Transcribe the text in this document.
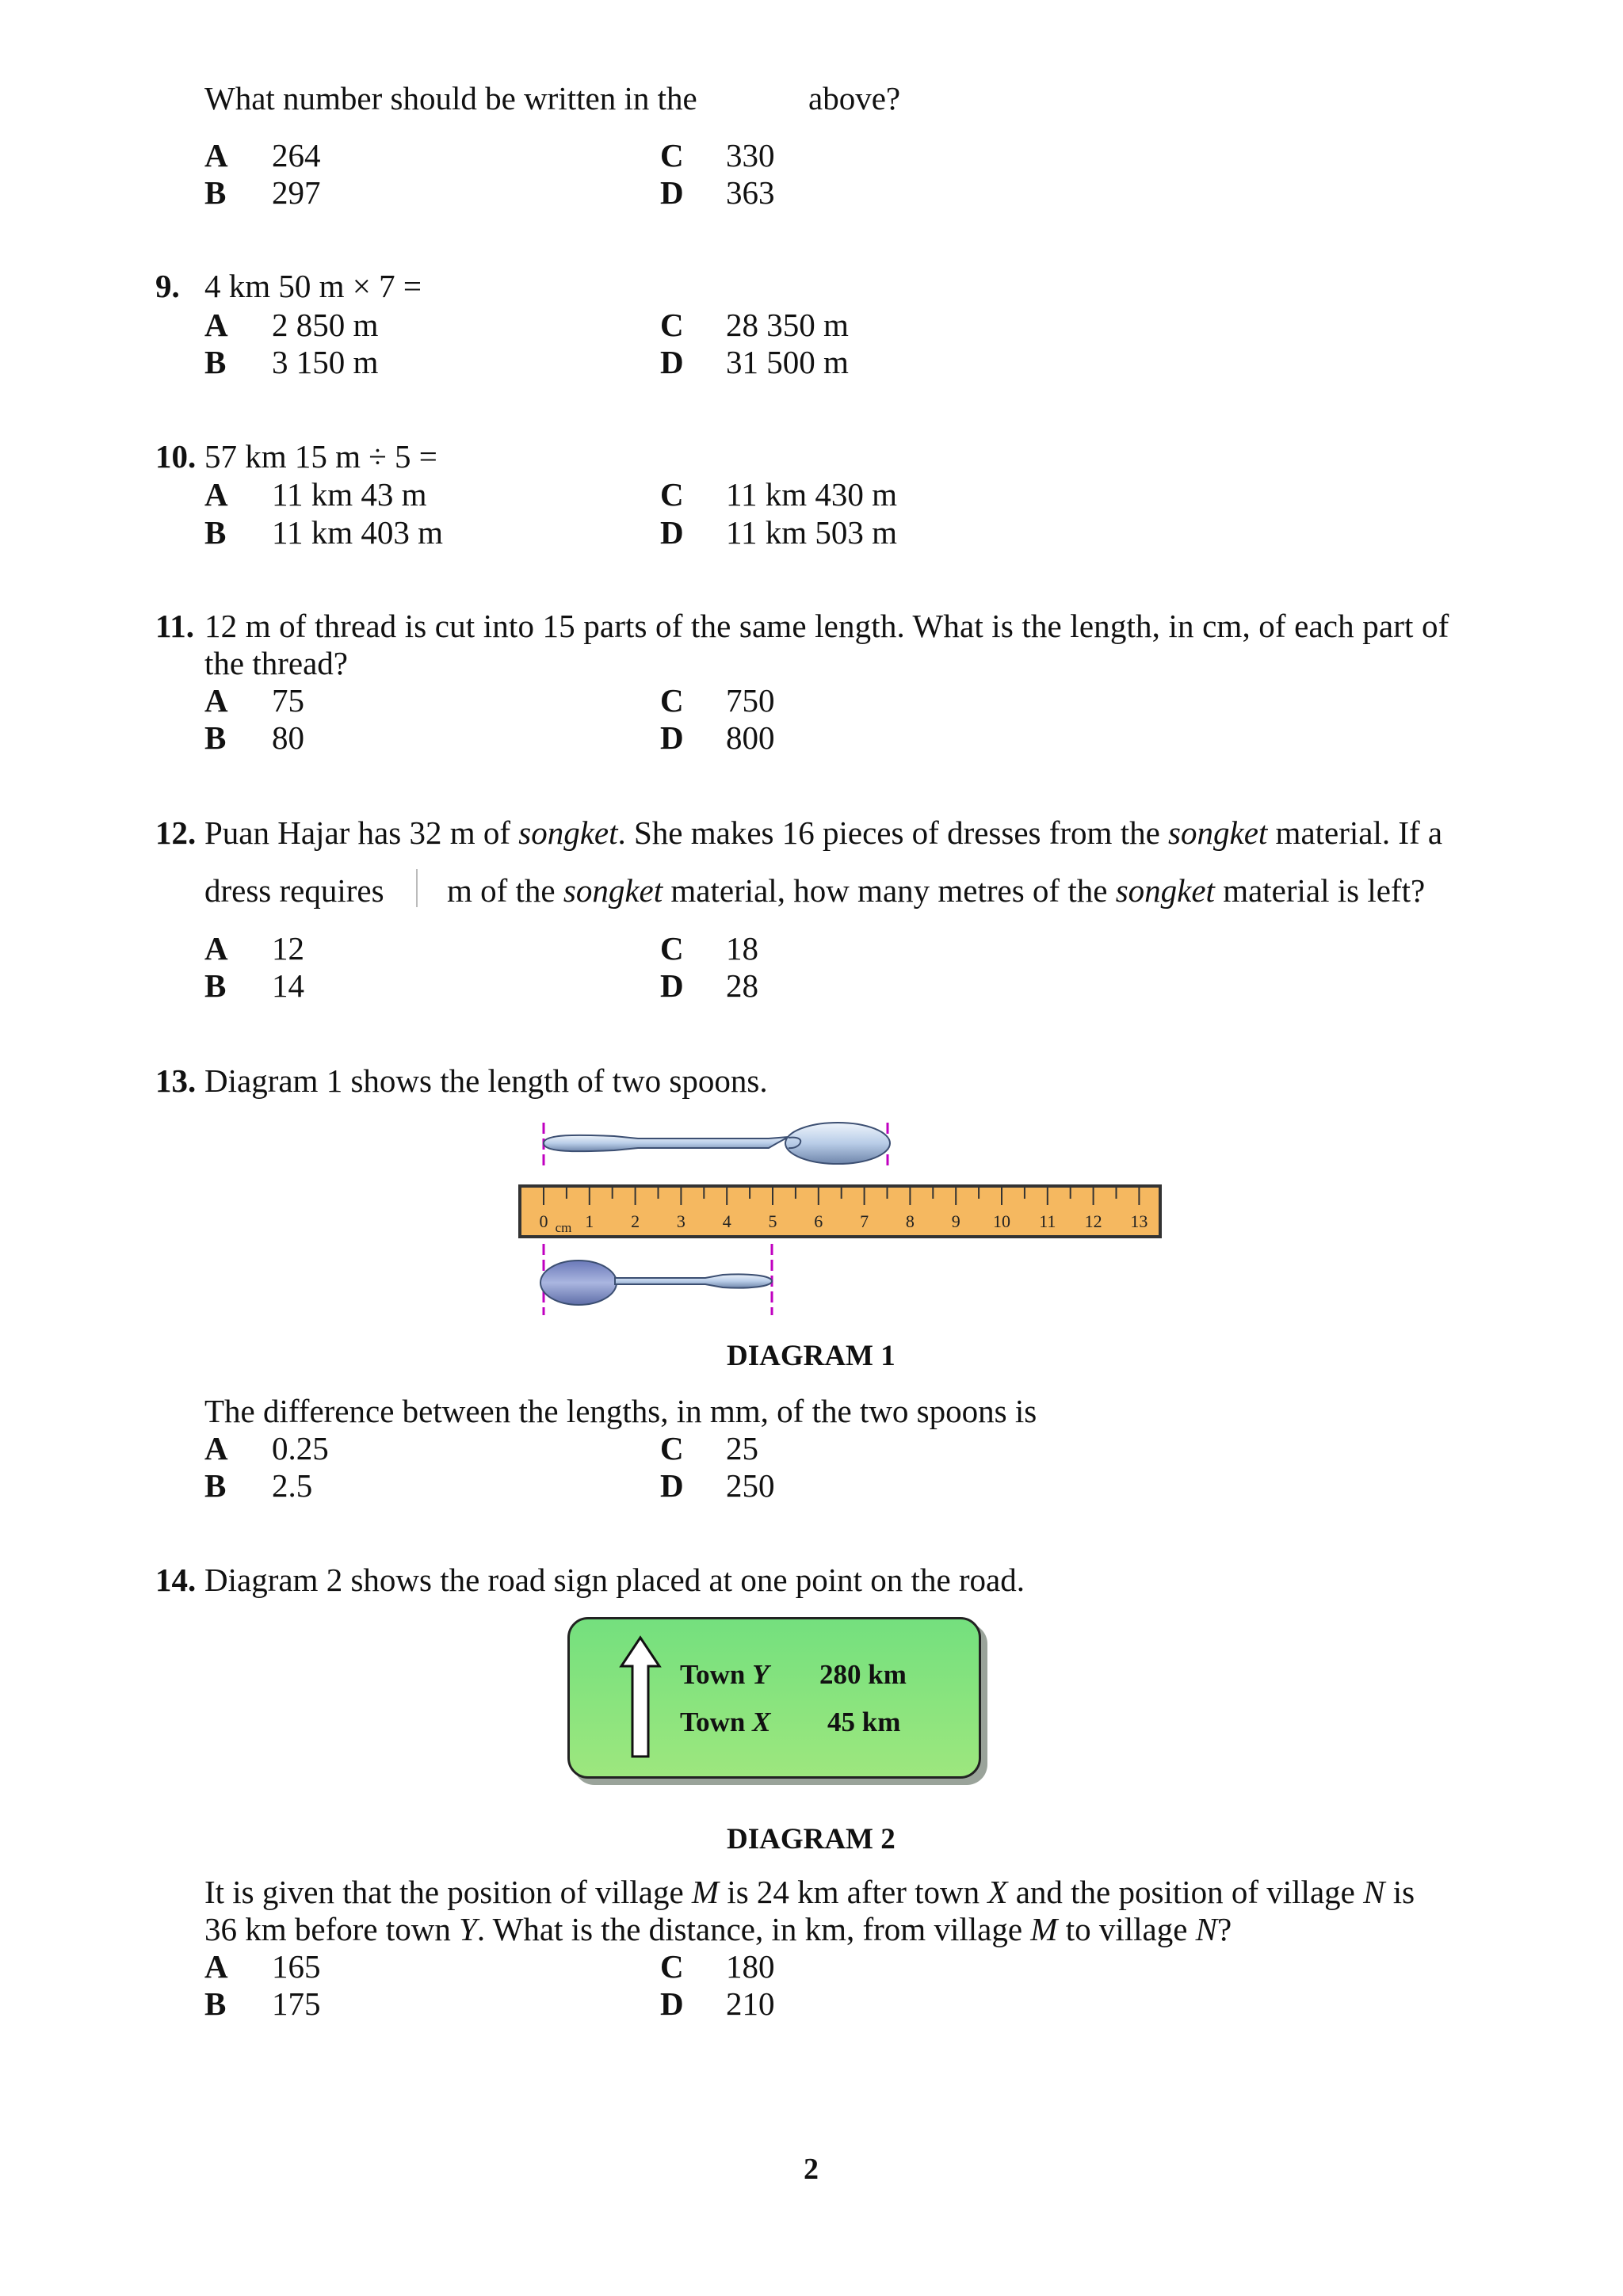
What number should be written in the	above?
A 264
B 297
C 330
D 363
9. 4 km 50 m × 7 =
A 2 850 m
B 3 150 m
C 28 350 m
D 31 500 m
10. 57 km 15 m ÷ 5 =
A 11 km 43 m
B 11 km 403 m
C 11 km 430 m
D 11 km 503 m
11. 12 m of thread is cut into 15 parts of the same length. What is the length, in cm, of each part of
the thread?
A 75
B 80
C 750
D 800
12. Puan Hajar has 32 m of songket. She makes 16 pieces of dresses from the songket material. If a
dress requires m of the songket material, how many metres of the songket material is left?
A 12
B 14
C 18
D 28
13. Diagram 1 shows the length of two spoons.
0 1 2 3 4 5 6 7 8 9 10 11 12 13
cm
DIAGRAM 1
The difference between the lengths, in mm, of the two spoons is
A 0.25
B 2.5
C 25
D 250
14. Diagram 2 shows the road sign placed at one point on the road.
Town Y 280 km
Town X 45 km
DIAGRAM 2
It is given that the position of village M is 24 km after town X and the position of village N is
36 km before town Y. What is the distance, in km, from village M to village N?
A 165
B 175
C 180
D 210
2
